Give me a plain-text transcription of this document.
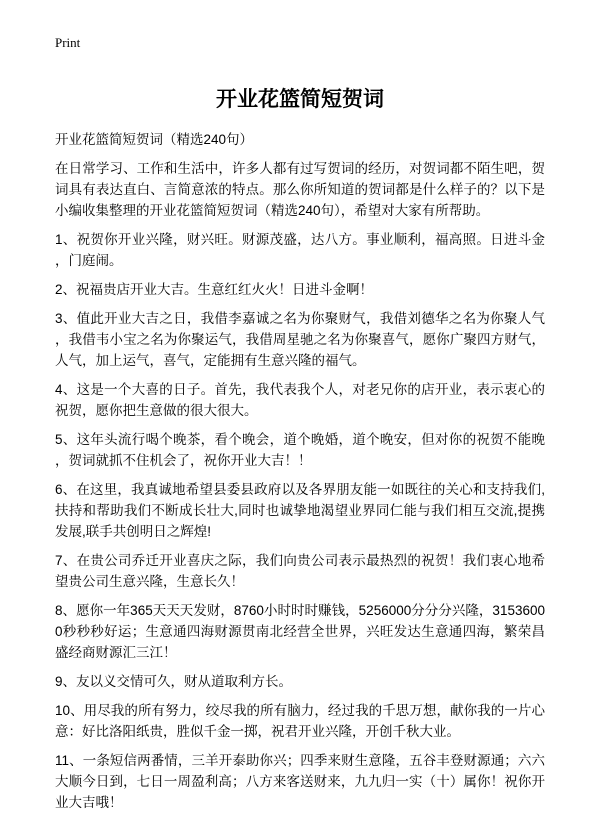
Print
开业花篮简短贺词

开业花篮简短贺词（精选240句）

在日常学习、工作和生活中，许多人都有过写贺词的经历，对贺词都不陌生吧，贺词具有表达直白、言简意浓的特点。那么你所知道的贺词都是什么样子的？以下是小编收集整理的开业花篮简短贺词（精选240句），希望对大家有所帮助。

1、祝贺你开业兴隆，财兴旺。财源茂盛，达八方。事业顺利，福高照。日进斗金，门庭闹。

2、祝福贵店开业大吉。生意红红火火！日进斗金啊！

3、值此开业大吉之日，我借李嘉诚之名为你聚财气，我借刘德华之名为你聚人气，我借韦小宝之名为你聚运气，我借周星驰之名为你聚喜气，愿你广聚四方财气，人气，加上运气，喜气，定能拥有生意兴隆的福气。

4、这是一个大喜的日子。首先，我代表我个人，对老兄你的店开业，表示衷心的祝贺，愿你把生意做的很大很大。

5、这年头流行喝个晚茶，看个晚会，道个晚婚，道个晚安，但对你的祝贺不能晚，贺词就抓不住机会了，祝你开业大吉！！

6、在这里，我真诚地希望县委县政府以及各界朋友能一如既往的关心和支持我们,扶持和帮助我们不断成长壮大,同时也诚挚地渴望业界同仁能与我们相互交流,提携发展,联手共创明日之辉煌!

7、在贵公司乔迁开业喜庆之际，我们向贵公司表示最热烈的祝贺！我们衷心地希望贵公司生意兴隆，生意长久！

8、愿你一年365天天天发财，8760小时时时赚钱，5256000分分分兴隆，31536000秒秒秒好运；生意通四海财源贯南北经营全世界，兴旺发达生意通四海，繁荣昌盛经商财源汇三江！

9、友以义交情可久，财从道取利方长。

10、用尽我的所有努力，绞尽我的所有脑力，经过我的千思万想，献你我的一片心意：好比洛阳纸贵，胜似千金一掷，祝君开业兴隆，开创千秋大业。

11、一条短信两番情，三羊开泰助你兴；四季来财生意隆，五谷丰登财源通；六六大顺今日到，七日一周盈利高；八方来客送财来，九九归一实（十）属你！祝你开业大吉哦！
